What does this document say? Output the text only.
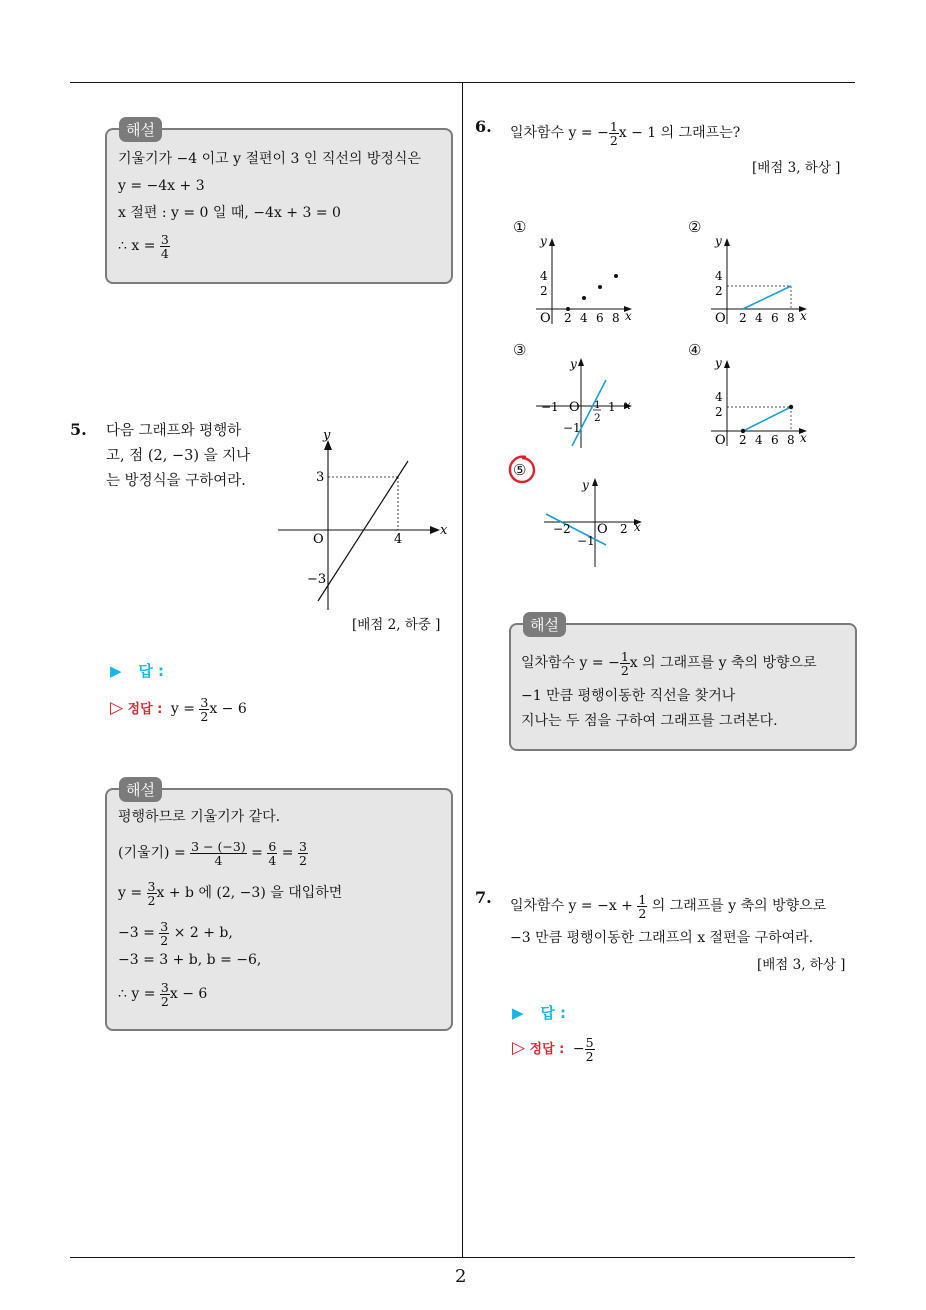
2
해설
기울기가 −4 이고 y 절편이 3 인 직선의 방정식은
y = −4x + 3
x 절편 : y = 0 일 때, −4x + 3 = 0
∴ $x = \frac{3}{4}$
5. 다음 그래프와 평행하
고, 점 (2, −3) 을 지나
는 방정식을 구하여라.
y
x
O
3
−3
4
[배점 2, 하중 ]
▶ 답 :
▷ 정답 : $y = \frac{3}{2}$ x − 6
해설
평행하므로 기울기가 같다.
(기울기) = $\frac{3 - (-3)}{4} = \frac{6}{4} = \frac{3}{2}$
$y = \frac{3}{2}$ x + b 에 (2, −3) 을 대입하면
$-3 = \frac{3}{2} \times 2 + b$,
−3 = 3 + b, b = −6,
∴ $y = \frac{3}{2}$ x − 6
6. 일차함수 y = − $\frac{1}{2}$ x − 1 의 그래프는?
[배점 3, 하상 ]
①	②
③	④
y
4
2
O 2 4 6 8 x
y
4
2
O 2 4 6 8 x
y
−1 O 1
2
1 x
−1
y
4
2
O 2 4 6 8 x
⑤
y
−2 O 2 x
−1
해설
일차함수 y = − $\frac{1}{2}$ x 의 그래프를 y 축의 방향으로
−1 만큼 평행이동한 직선을 찾거나
지나는 두 점을 구하여 그래프를 그려본다.
7. 일차함수 $y = -x + \frac{1}{2}$ 의 그래프를 y 축의 방향으로
−3 만큼 평행이동한 그래프의 x 절편을 구하여라.
[배점 3, 하상 ]
▶ 답 :
▷ 정답 : − $\frac{5}{2}$
